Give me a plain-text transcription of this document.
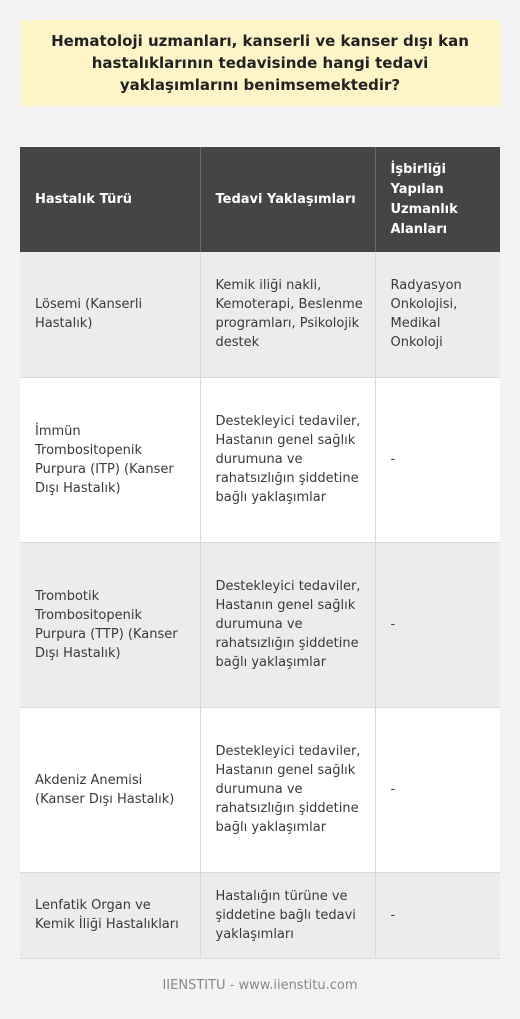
Hematoloji uzmanları, kanserli ve kanser dışı kan hastalıklarının tedavisinde hangi tedavi yaklaşımlarını benimsemektedir?
Hastalık Türü	Tedavi Yaklaşımları	İşbirliği Yapılan Uzmanlık Alanları
Lösemi (Kanserli Hastalık)	Kemik iliği nakli, Kemoterapi, Beslenme programları, Psikolojik destek	Radyasyon Onkolojisi, Medikal Onkoloji
İmmün Trombositopenik Purpura (ITP) (Kanser Dışı Hastalık)	Destekleyici tedaviler, Hastanın genel sağlık durumuna ve rahatsızlığın şiddetine bağlı yaklaşımlar	-
Trombotik Trombositopenik Purpura (TTP) (Kanser Dışı Hastalık)	Destekleyici tedaviler, Hastanın genel sağlık durumuna ve rahatsızlığın şiddetine bağlı yaklaşımlar	-
Akdeniz Anemisi (Kanser Dışı Hastalık)	Destekleyici tedaviler, Hastanın genel sağlık durumuna ve rahatsızlığın şiddetine bağlı yaklaşımlar	-
Lenfatik Organ ve Kemik İliği Hastalıkları	Hastalığın türüne ve şiddetine bağlı tedavi yaklaşımları	-
IIENSTITU - www.iienstitu.com
